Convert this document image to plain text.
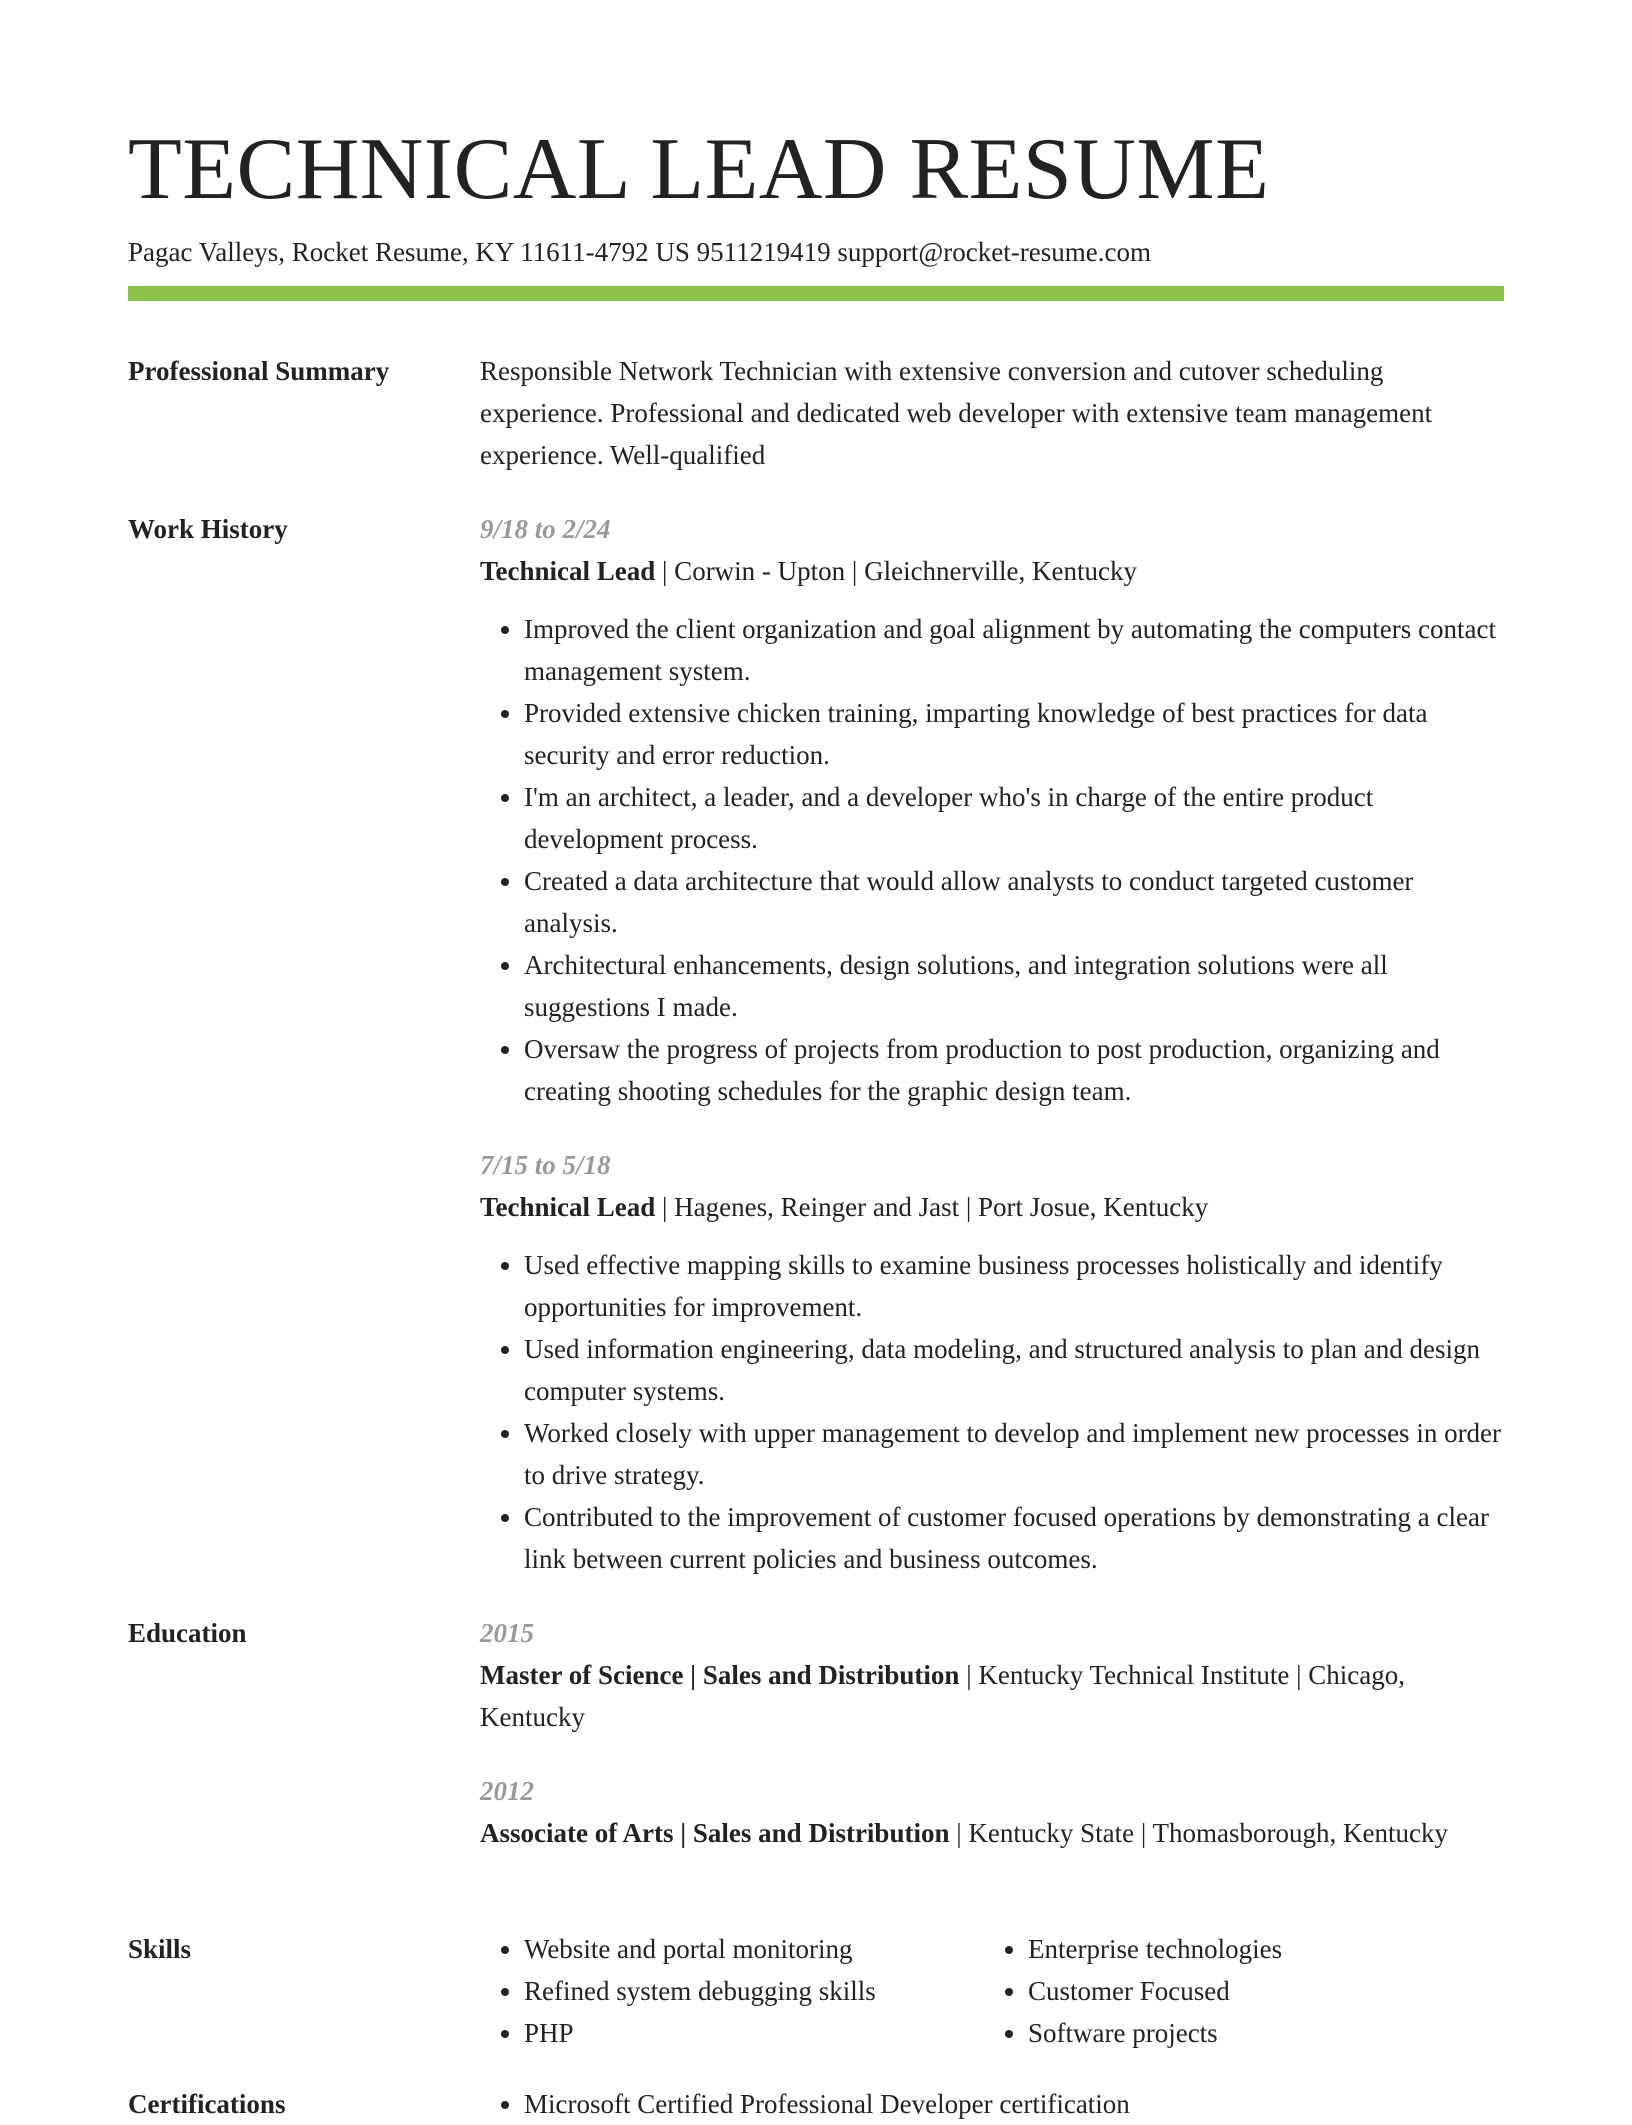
TECHNICAL LEAD RESUME
Pagac Valleys, Rocket Resume, KY 11611-4792 US 9511219419 support@rocket-resume.com
Professional Summary	Responsible Network Technician with extensive conversion and cutover scheduling experience. Professional and dedicated web developer with extensive team management experience. Well-qualified
Work History	9/18 to 2/24
Technical Lead | Corwin - Upton | Gleichnerville, Kentucky
• Improved the client organization and goal alignment by automating the computers contact management system.
• Provided extensive chicken training, imparting knowledge of best practices for data security and error reduction.
• I'm an architect, a leader, and a developer who's in charge of the entire product development process.
• Created a data architecture that would allow analysts to conduct targeted customer analysis.
• Architectural enhancements, design solutions, and integration solutions were all suggestions I made.
• Oversaw the progress of projects from production to post production, organizing and creating shooting schedules for the graphic design team.
7/15 to 5/18
Technical Lead | Hagenes, Reinger and Jast | Port Josue, Kentucky
• Used effective mapping skills to examine business processes holistically and identify opportunities for improvement.
• Used information engineering, data modeling, and structured analysis to plan and design computer systems.
• Worked closely with upper management to develop and implement new processes in order to drive strategy.
• Contributed to the improvement of customer focused operations by demonstrating a clear link between current policies and business outcomes.
Education	2015
Master of Science | Sales and Distribution | Kentucky Technical Institute | Chicago, Kentucky
2012
Associate of Arts | Sales and Distribution | Kentucky State | Thomasborough, Kentucky
Skills	• Website and portal monitoring
• Refined system debugging skills
• PHP
• Enterprise technologies
• Customer Focused
• Software projects
Certifications	• Microsoft Certified Professional Developer certification
